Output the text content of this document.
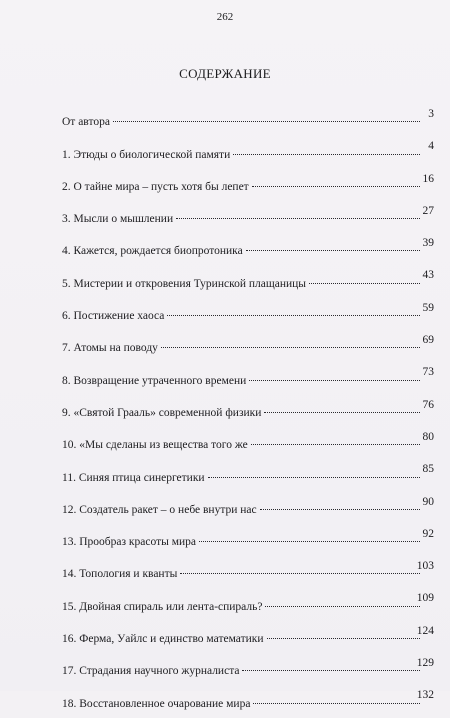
262
СОДЕРЖАНИЕ
От автора
3
1. Этюды о биологической памяти
4
2. О тайне мира – пусть хотя бы лепет
16
3. Мысли о мышлении
27
4. Кажется, рождается биопротоника
39
5. Мистерии и откровения Туринской плащаницы
43
6. Постижение хаоса
59
7. Атомы на поводу
69
8. Возвращение утраченного времени
73
9. «Святой Грааль» современной физики
76
10. «Мы сделаны из вещества того же
80
11. Синяя птица синергетики
85
12. Создатель ракет – о небе внутри нас
90
13. Прообраз красоты мира
92
14. Топология и кванты
103
15. Двойная спираль или лента-спираль?
109
16. Ферма, Уайлс и единство математики
124
17. Страдания научного журналиста
129
18. Восстановленное очарование мира
132
